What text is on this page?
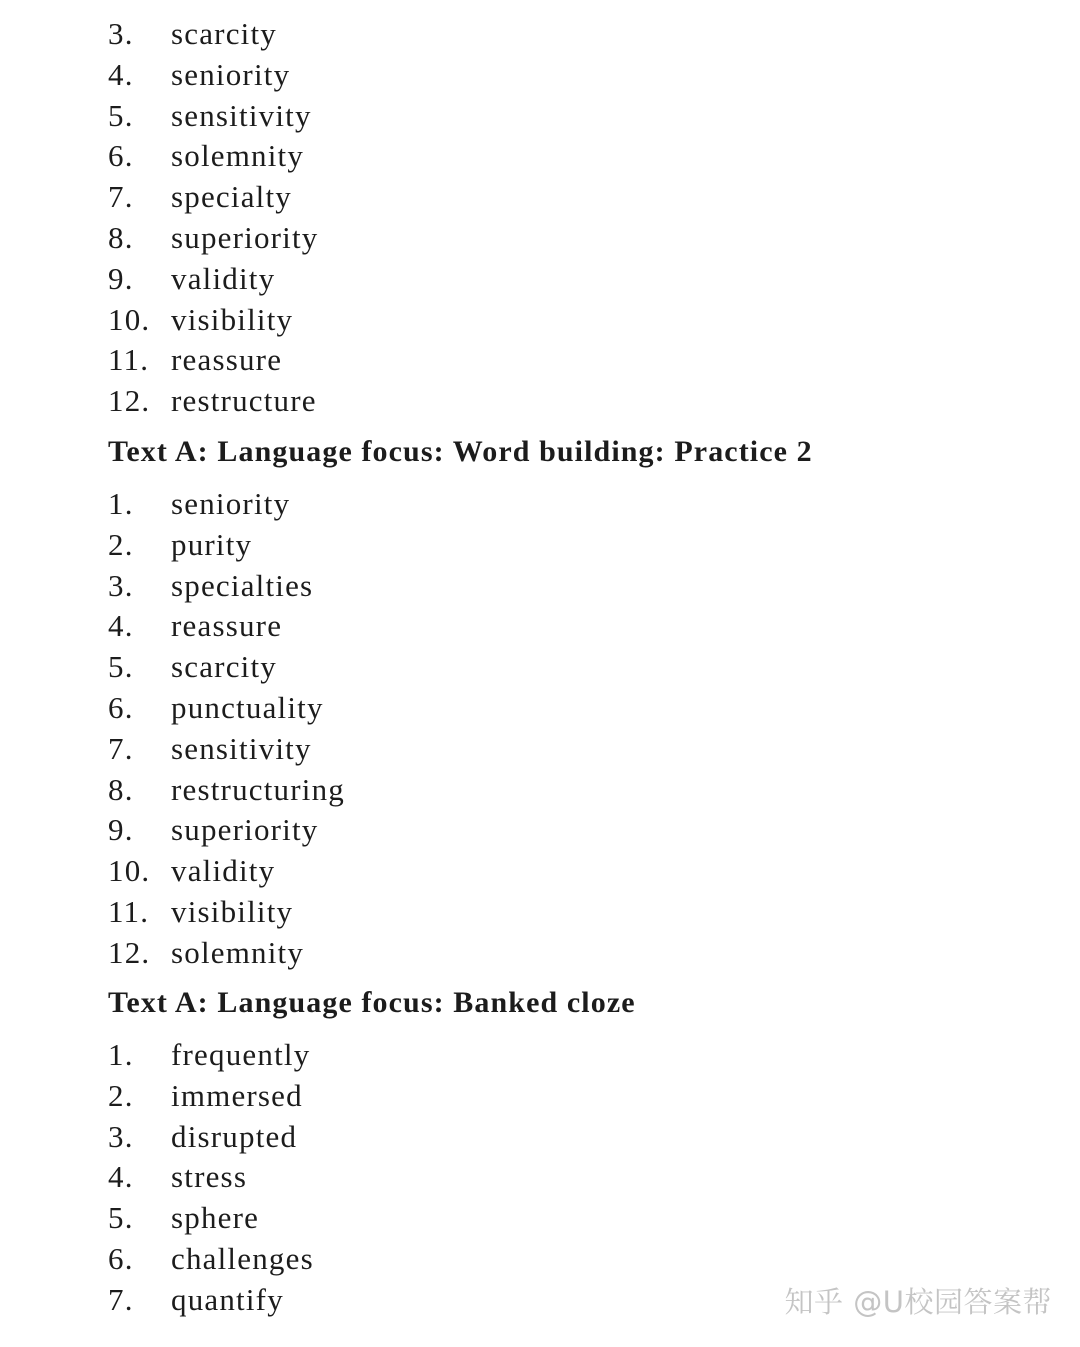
3. scarcity
4. seniority
5. sensitivity
6. solemnity
7. specialty
8. superiority
9. validity
10. visibility
11. reassure
12. restructure
Text A: Language focus: Word building: Practice 2
1. seniority
2. purity
3. specialties
4. reassure
5. scarcity
6. punctuality
7. sensitivity
8. restructuring
9. superiority
10. validity
11. visibility
12. solemnity
Text A: Language focus: Banked cloze
1. frequently
2. immersed
3. disrupted
4. stress
5. sphere
6. challenges
7. quantify	知乎 @U校园答案帮
